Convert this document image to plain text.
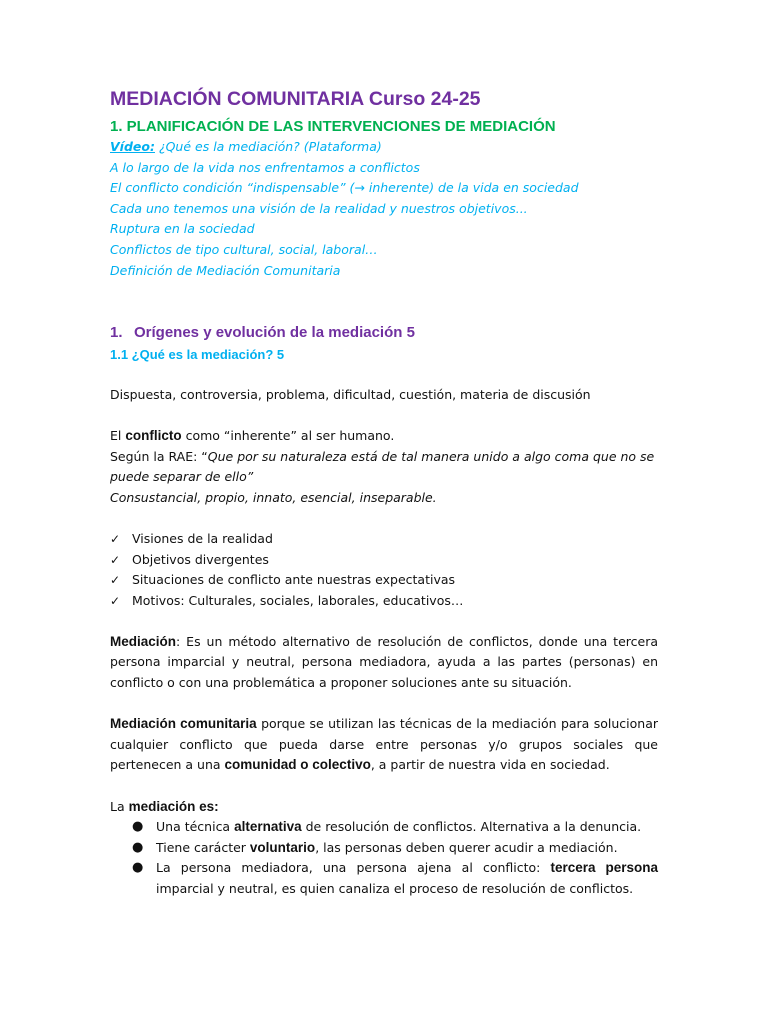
MEDIACIÓN COMUNITARIA Curso 24-25
1. PLANIFICACIÓN DE LAS INTERVENCIONES DE MEDIACIÓN

Vídeo: ¿Qué es la mediación? (Plataforma)

A lo largo de la vida nos enfrentamos a conflictos

El conflicto condición “indispensable” (→ inherente) de la vida en sociedad

Cada uno tenemos una visión de la realidad y nuestros objetivos...

Ruptura en la sociedad

Conflictos de tipo cultural, social, laboral…

Definición de Mediación Comunitaria

1. Orígenes y evolución de la mediación 5
1.1 ¿Qué es la mediación? 5

Dispuesta, controversia, problema, dificultad, cuestión, materia de discusión

El conflicto como “inherente” al ser humano.

Según la RAE: “Que por su naturaleza está de tal manera unido a algo coma que no se puede separar de ello”

Consustancial, propio, innato, esencial, inseparable.

✓ Visiones de la realidad
✓ Objetivos divergentes
✓ Situaciones de conflicto ante nuestras expectativas
✓ Motivos: Culturales, sociales, laborales, educativos…

Mediación: Es un método alternativo de resolución de conflictos, donde una tercera persona imparcial y neutral, persona mediadora, ayuda a las partes (personas) en conflicto o con una problemática a proponer soluciones ante su situación.

Mediación comunitaria porque se utilizan las técnicas de la mediación para solucionar cualquier conflicto que pueda darse entre personas y/o grupos sociales que pertenecen a una comunidad o colectivo, a partir de nuestra vida en sociedad.

La mediación es:

●	Una técnica alternativa de resolución de conflictos. Alternativa a la denuncia.
●	Tiene carácter voluntario, las personas deben querer acudir a mediación.
●	La persona mediadora, una persona ajena al conflicto: tercera persona imparcial y neutral, es quien canaliza el proceso de resolución de conflictos.
